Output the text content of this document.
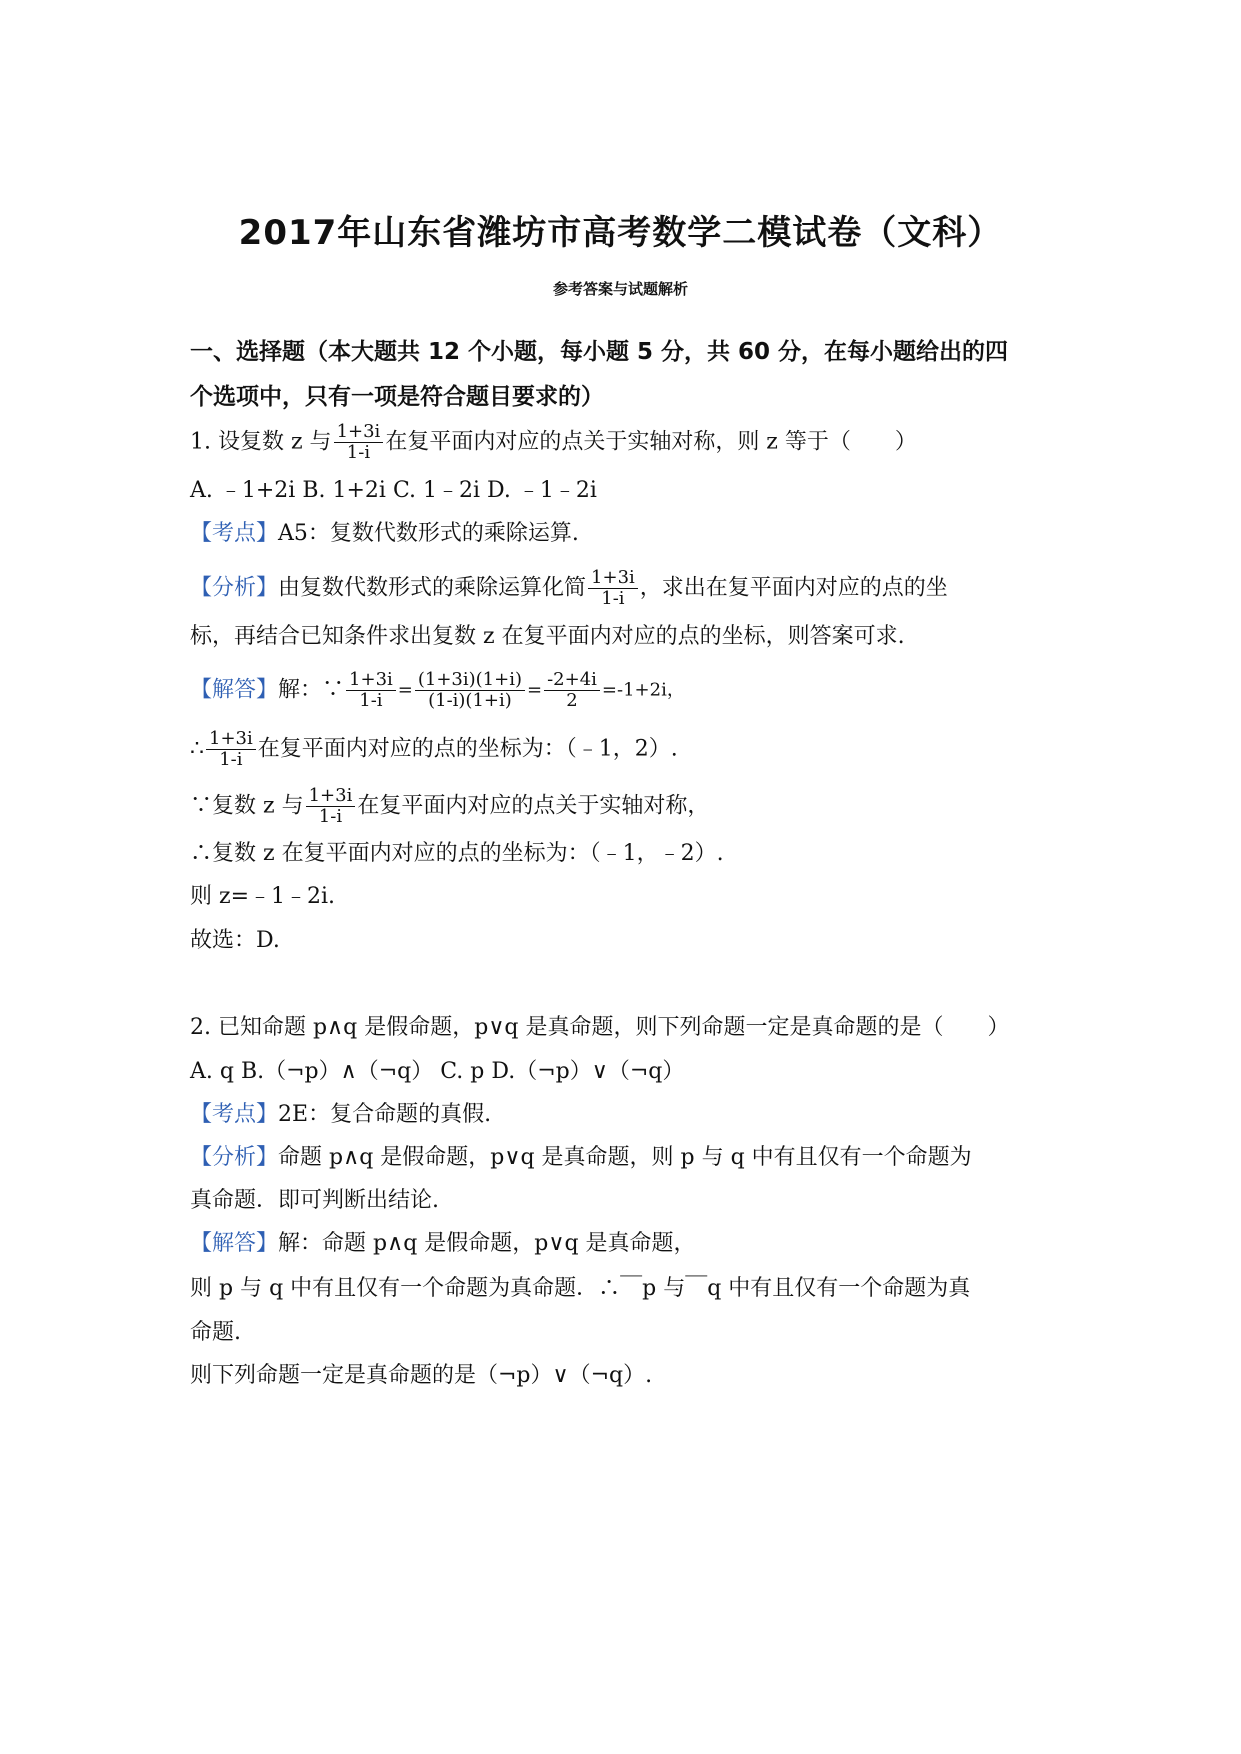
2017年山东省潍坊市高考数学二模试卷（文科）
参考答案与试题解析
一、选择题（本大题共 12 个小题，每小题 5 分，共 60 分，在每小题给出的四
个选项中，只有一项是符合题目要求的）
1. 设复数 z 与 $\frac{1+3i}{1-i}$ 在复平面内对应的点关于实轴对称，则 z 等于（　　）
A. ﹣1+2i B. 1+2i C. 1﹣2i D. ﹣1﹣2i
【考点】A5：复数代数形式的乘除运算.
【分析】由复数代数形式的乘除运算化简 $\frac{1+3i}{1-i}$ ，求出在复平面内对应的点的坐
标，再结合已知条件求出复数 z 在复平面内对应的点的坐标，则答案可求.
【解答】解：∵ $\frac{1+3i}{1-i} = \frac{(1+3i)(1+i)}{(1-i)(1+i)} = \frac{-2+4i}{2} =-1+2i$，
∴ $\frac{1+3i}{1-i}$ 在复平面内对应的点的坐标为：（﹣1，2）.
∵复数 z 与 $\frac{1+3i}{1-i}$ 在复平面内对应的点关于实轴对称，
∴复数 z 在复平面内对应的点的坐标为：（﹣1，﹣2）.
则 z=﹣1﹣2i.
故选：D.
2. 已知命题 p∧q 是假命题，p∨q 是真命题，则下列命题一定是真命题的是（　　）
A. q B.（¬p）∧（¬q） C. p D.（¬p）∨（¬q）
【考点】2E：复合命题的真假.
【分析】命题 p∧q 是假命题，p∨q 是真命题，则 p 与 q 中有且仅有一个命题为
真命题．即可判断出结论.
【解答】解：命题 p∧q 是假命题，p∨q 是真命题，
则 p 与 q 中有且仅有一个命题为真命题．∴￣p 与￣q 中有且仅有一个命题为真
命题.
则下列命题一定是真命题的是（¬p）∨（¬q）.
